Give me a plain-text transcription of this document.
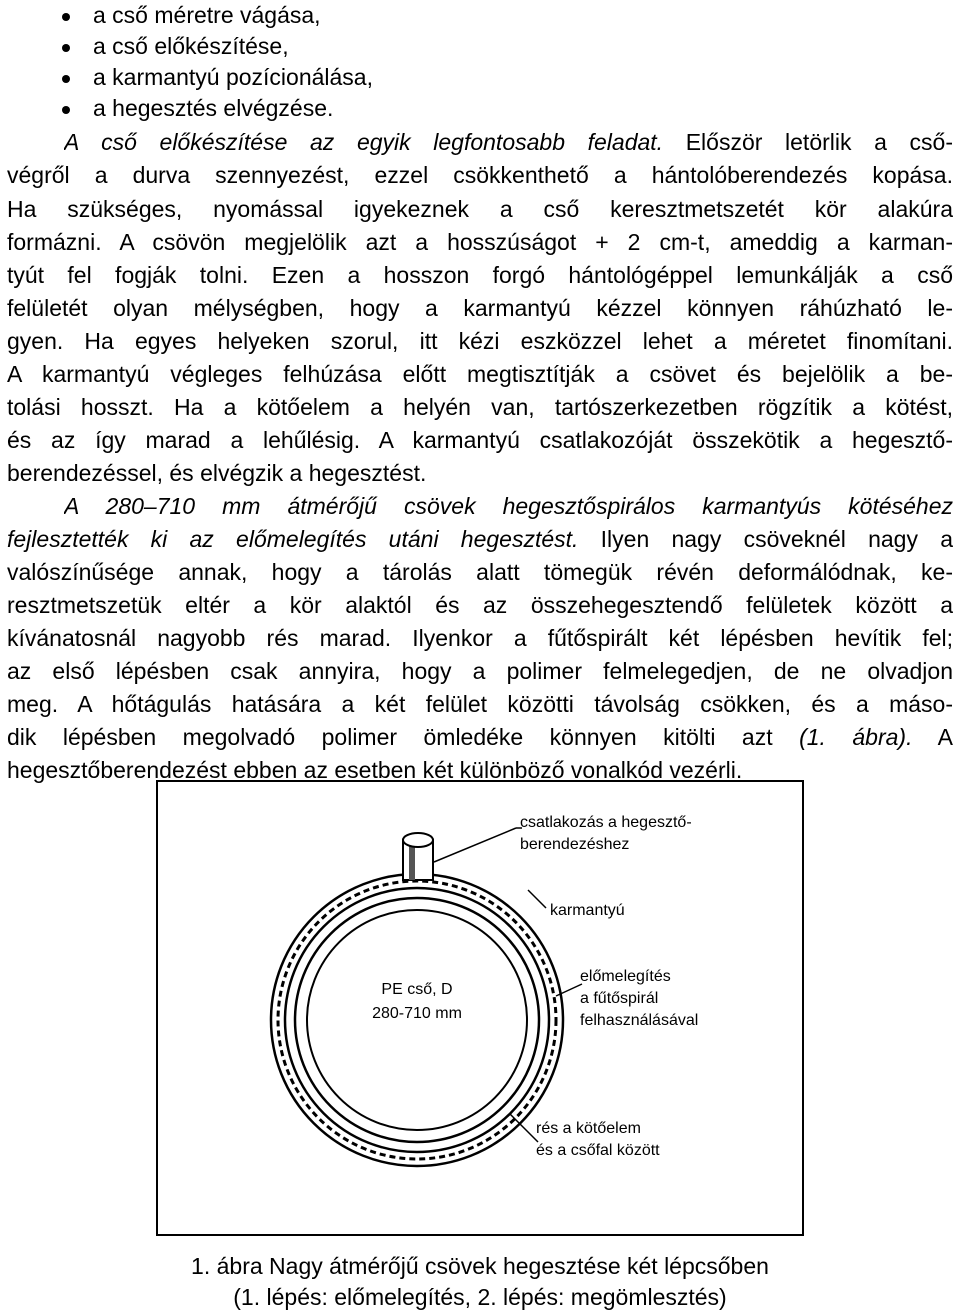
a cső méretre vágása,
a cső előkészítése,
a karmantyú pozícionálása,
a hegesztés elvégzése.
A cső előkészítése az egyik legfontosabb feladat. Először letörlik a cső-
végről a durva szennyezést, ezzel csökkenthető a hántolóberendezés kopása.
Ha szükséges, nyomással igyekeznek a cső keresztmetszetét kör alakúra
formázni. A csövön megjelölik azt a hosszúságot + 2 cm-t, ameddig a karman-
tyút fel fogják tolni. Ezen a hosszon forgó hántológéppel lemunkálják a cső
felületét olyan mélységben, hogy a karmantyú kézzel könnyen ráhúzható le-
gyen. Ha egyes helyeken szorul, itt kézi eszközzel lehet a méretet finomítani.
A karmantyú végleges felhúzása előtt megtisztítják a csövet és bejelölik a be-
tolási hosszt. Ha a kötőelem a helyén van, tartószerkezetben rögzítik a kötést,
és az így marad a lehűlésig. A karmantyú csatlakozóját összekötik a hegesztő-
berendezéssel, és elvégzik a hegesztést.
A 280–710 mm átmérőjű csövek hegesztőspirálos karmantyús kötéséhez
fejlesztették ki az előmelegítés utáni hegesztést. Ilyen nagy csöveknél nagy a
valószínűsége annak, hogy a tárolás alatt tömegük révén deformálódnak, ke-
resztmetszetük eltér a kör alaktól és az összehegesztendő felületek között a
kívánatosnál nagyobb rés marad. Ilyenkor a fűtőspirált két lépésben hevítik fel;
az első lépésben csak annyira, hogy a polimer felmelegedjen, de ne olvadjon
meg. A hőtágulás hatására a két felület közötti távolság csökken, és a máso-
dik lépésben megolvadó polimer ömledéke könnyen kitölti azt (1. ábra). A
hegesztőberendezést ebben az esetben két különböző vonalkód vezérli.
csatlakozás a hegesztő-
berendezéshez
karmantyú
előmelegítés
a fűtőspirál
felhasználásával
rés a kötőelem
és a csőfal között
PE cső, D
280-710 mm
1. ábra Nagy átmérőjű csövek hegesztése két lépcsőben
(1. lépés: előmelegítés, 2. lépés: megömlesztés)
